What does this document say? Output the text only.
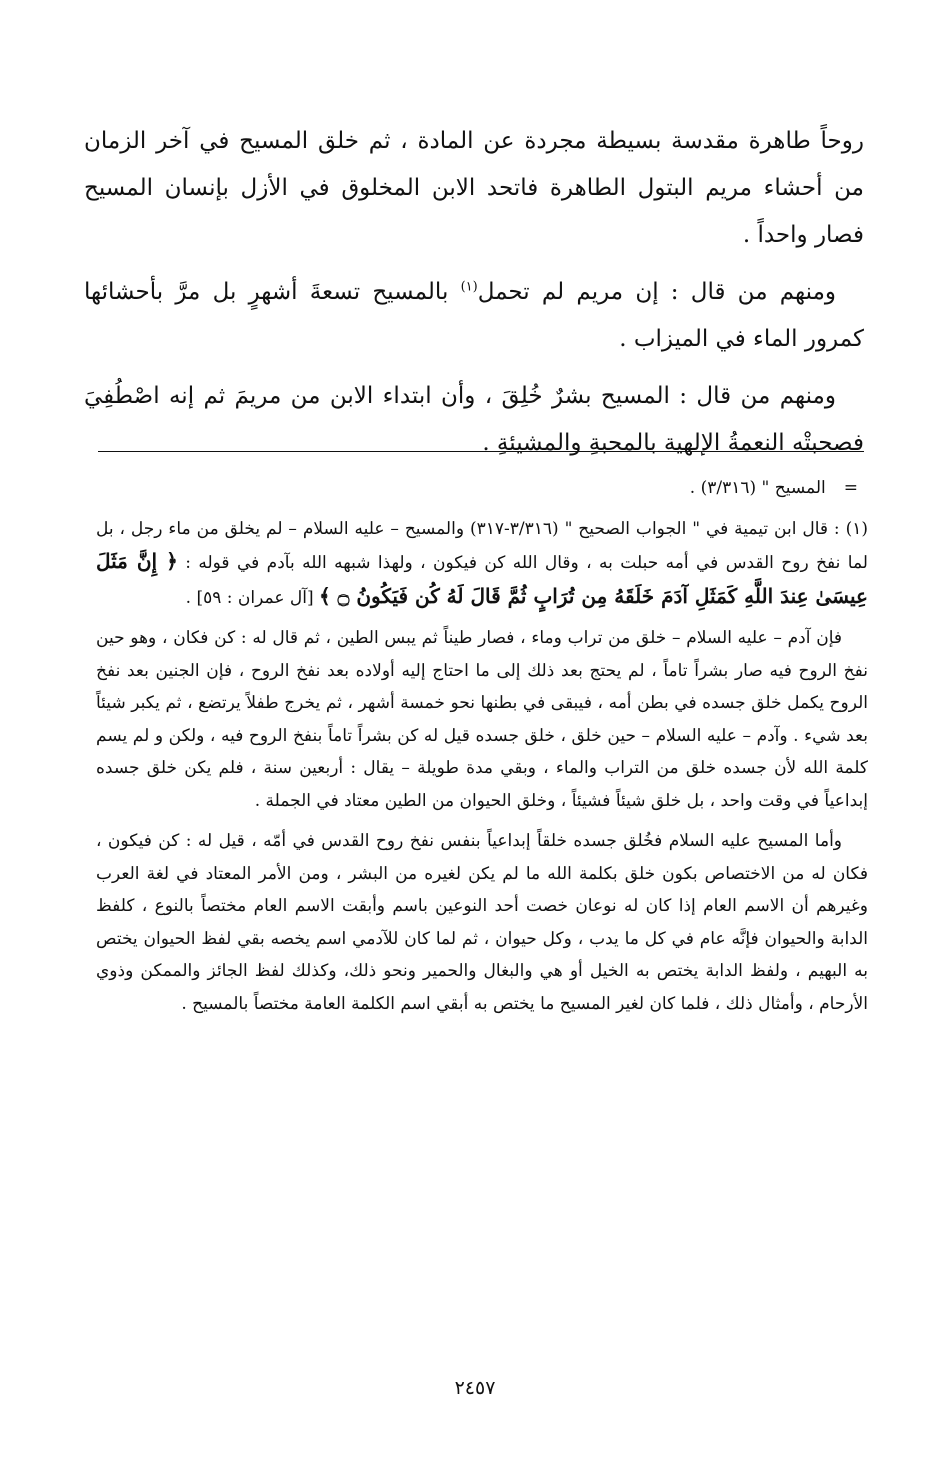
روحاً طاهرة مقدسة بسيطة مجردة عن المادة ، ثم خلق المسيح في آخر الزمان من أحشاء مريم البتول الطاهرة فاتحد الابن المخلوق في الأزل بإنسان المسيح فصار واحداً .

ومنهم من قال : إن مريم لم تحمل$^{(١)}$ بالمسيح تسعةَ أشهرٍ بل مرَّ بأحشائها كمرور الماء في الميزاب .

ومنهم من قال : المسيح بشرٌ خُلِقَ ، وأن ابتداء الابن من مريمَ ثم إنه اصْطُفِيَ فصحبتْه النعمةُ الإلهية بالمحبةِ والمشيئةِ .

=المسيح " (٣/٣١٦) .

(١) : قال ابن تيمية في " الجواب الصحيح " (٣/٣١٦-٣١٧) والمسيح – عليه السلام – لم يخلق من ماء رجل ، بل لما نفخ روح القدس في أمه حبلت به ، وقال الله كن فيكون ، ولهذا شبهه الله بآدم في قوله : ﴿ إِنَّ مَثَلَ عِيسَىٰ عِندَ اللَّهِ كَمَثَلِ آدَمَ خَلَقَهُ مِن تُرَابٍ ثُمَّ قَالَ لَهُ كُن فَيَكُونُ ۝ ﴾ [آل عمران : ٥٩] .

فإن آدم – عليه السلام – خلق من تراب وماء ، فصار طيناً ثم يبس الطين ، ثم قال له : كن فكان ، وهو حين نفخ الروح فيه صار بشراً تاماً ، لم يحتج بعد ذلك إلى ما احتاج إليه أولاده بعد نفخ الروح ، فإن الجنين بعد نفخ الروح يكمل خلق جسده في بطن أمه ، فيبقى في بطنها نحو خمسة أشهر ، ثم يخرج طفلاً يرتضع ، ثم يكبر شيئاً بعد شيء . وآدم – عليه السلام – حين خلق ، خلق جسده قيل له كن بشراً تاماً بنفخ الروح فيه ، ولكن و لم يسم كلمة الله لأن جسده خلق من التراب والماء ، وبقي مدة طويلة – يقال : أربعين سنة ، فلم يكن خلق جسده إبداعياً في وقت واحد ، بل خلق شيئاً فشيئاً ، وخلق الحيوان من الطين معتاد في الجملة .

وأما المسيح عليه السلام فخُلق جسده خلقاً إبداعياً بنفس نفخ روح القدس في أمّه ، قيل له : كن فيكون ، فكان له من الاختصاص بكون خلق بكلمة الله ما لم يكن لغيره من البشر ، ومن الأمر المعتاد في لغة العرب وغيرهم أن الاسم العام إذا كان له نوعان خصت أحد النوعين باسم وأبقت الاسم العام مختصاً بالنوع ، كلفظ الدابة والحيوان فإنَّه عام في كل ما يدب ، وكل حيوان ، ثم لما كان للآدمي اسم يخصه بقي لفظ الحيوان يختص به البهيم ، ولفظ الدابة يختص به الخيل أو هي والبغال والحمير ونحو ذلك، وكذلك لفظ الجائز والممكن وذوي الأرحام ، وأمثال ذلك ، فلما كان لغير المسيح ما يختص به أبقي اسم الكلمة العامة مختصاً بالمسيح .

٢٤٥٧
